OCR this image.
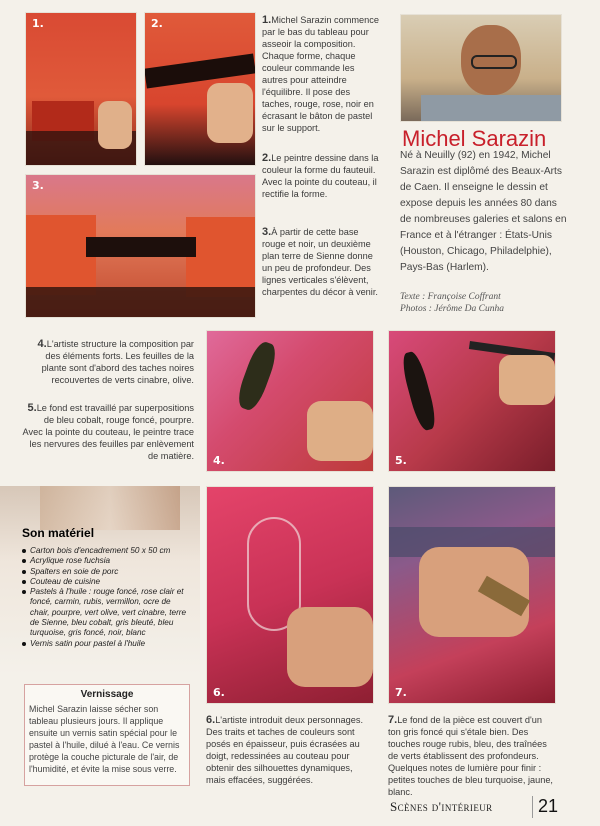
1.	2.
3.
4.	5.
6.	7.
1.Michel Sarazin commence par le bas du tableau pour asseoir la composition. Chaque forme, chaque couleur commande les autres pour atteindre l'équilibre. Il pose des taches, rouge, rose, noir en écrasant le bâton de pastel sur le support.
2.Le peintre dessine dans la couleur la forme du fauteuil. Avec la pointe du couteau, il rectifie la forme.
3.À partir de cette base rouge et noir, un deuxième plan terre de Sienne donne un peu de profondeur. Des lignes verticales s'élèvent, charpentes du décor à venir.
4.L'artiste structure la composition par des éléments forts. Les feuilles de la plante sont d'abord des taches noires recouvertes de verts cinabre, olive.
5.Le fond est travaillé par superpositions de bleu cobalt, rouge foncé, pourpre. Avec la pointe du couteau, le peintre trace les nervures des feuilles par enlèvement de matière.
6.L'artiste introduit deux personnages. Des traits et taches de couleurs sont posés en épaisseur, puis écrasées au doigt, redessinées au couteau pour obtenir des silhouettes dynamiques, mais effacées, suggérées.
7.Le fond de la pièce est couvert d'un ton gris foncé qui s'étale bien. Des touches rouge rubis, bleu, des traînées de verts établissent des profondeurs. Quelques notes de lumière pour finir : petites touches de bleu turquoise, jaune, blanc.
Michel Sarazin
Né à Neuilly (92) en 1942, Michel Sarazin est diplômé des Beaux-Arts de Caen. Il enseigne le dessin et expose depuis les années 80 dans de nombreuses galeries et salons en France et à l'étranger : États-Unis (Houston, Chicago, Philadelphie), Pays-Bas (Harlem).
Texte : Françoise Coffrant
Photos : Jérôme Da Cunha
Son matériel
Carton bois d'encadrement 50 x 50 cm
Acrylique rose fuchsia
Spalters en soie de porc
Couteau de cuisine
Pastels à l'huile : rouge foncé, rose clair et foncé, carmin, rubis, vermillon, ocre de chair, pourpre, vert olive, vert cinabre, terre de Sienne, bleu cobalt, gris bleuté, bleu turquoise, gris foncé, noir, blanc
Vernis satin pour pastel à l'huile
Vernissage
Michel Sarazin laisse sécher son tableau plusieurs jours. Il applique ensuite un vernis satin spécial pour le pastel à l'huile, dilué à l'eau. Ce vernis protège la couche picturale de l'air, de l'humidité, et évite la mise sous verre.
Scènes d'intérieur	21
